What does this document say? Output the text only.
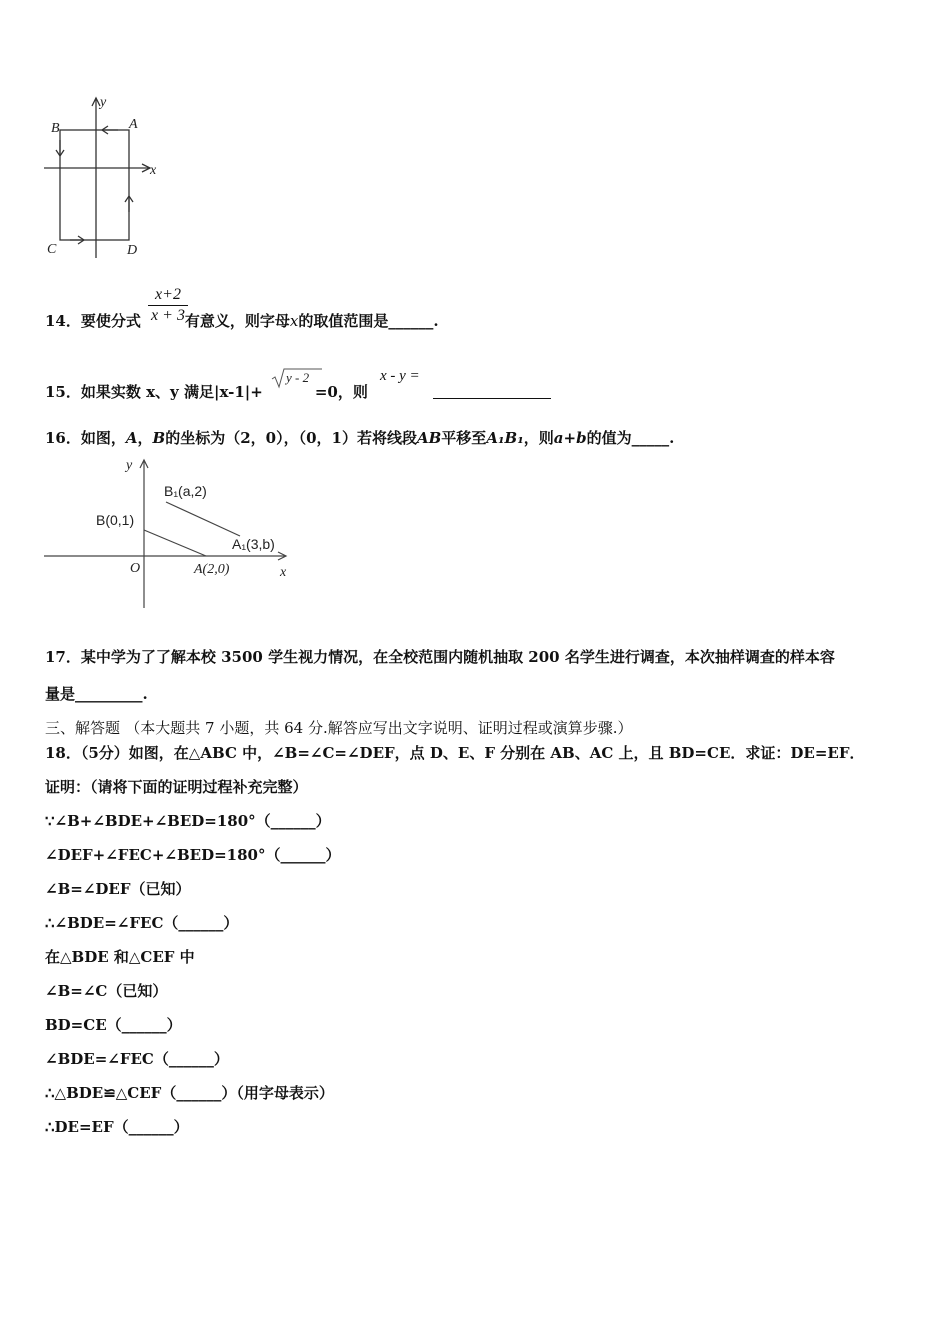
y
x
A
B
C	D
x+2
x + 3
14．要使分式	有意义，则字母x的取值范围是______.
15．如果实数 x、y 满足|x-1|+	=0，则
y - 2	x - y =
16．如图，A，B的坐标为（2，0），（0，1）若将线段AB平移至A₁B₁，则a+b的值为_____.
y
x
O
B(0,1)
A(2,0)
B₁(a,2)
A₁(3,b)
17．某中学为了了解本校 3500 学生视力情况，在全校范围内随机抽取 200 名学生进行调查，本次抽样调查的样本容
量是_________.
三、解答题 （本大题共 7 小题，共 64 分.解答应写出文字说明、证明过程或演算步骤.）
18．（5分）如图，在△ABC 中，∠B=∠C=∠DEF，点 D、E、F 分别在 AB、AC 上，且 BD=CE．求证：DE=EF．
证明：（请将下面的证明过程补充完整）
∵∠B+∠BDE+∠BED=180°（______）
∠DEF+∠FEC+∠BED=180°（______）
∠B=∠DEF（已知）
∴∠BDE=∠FEC（______）
在△BDE 和△CEF 中
∠B=∠C（已知）
BD=CE（______）
∠BDE=∠FEC（______）
∴△BDE≌△CEF（______）（用字母表示）
∴DE=EF（______）
